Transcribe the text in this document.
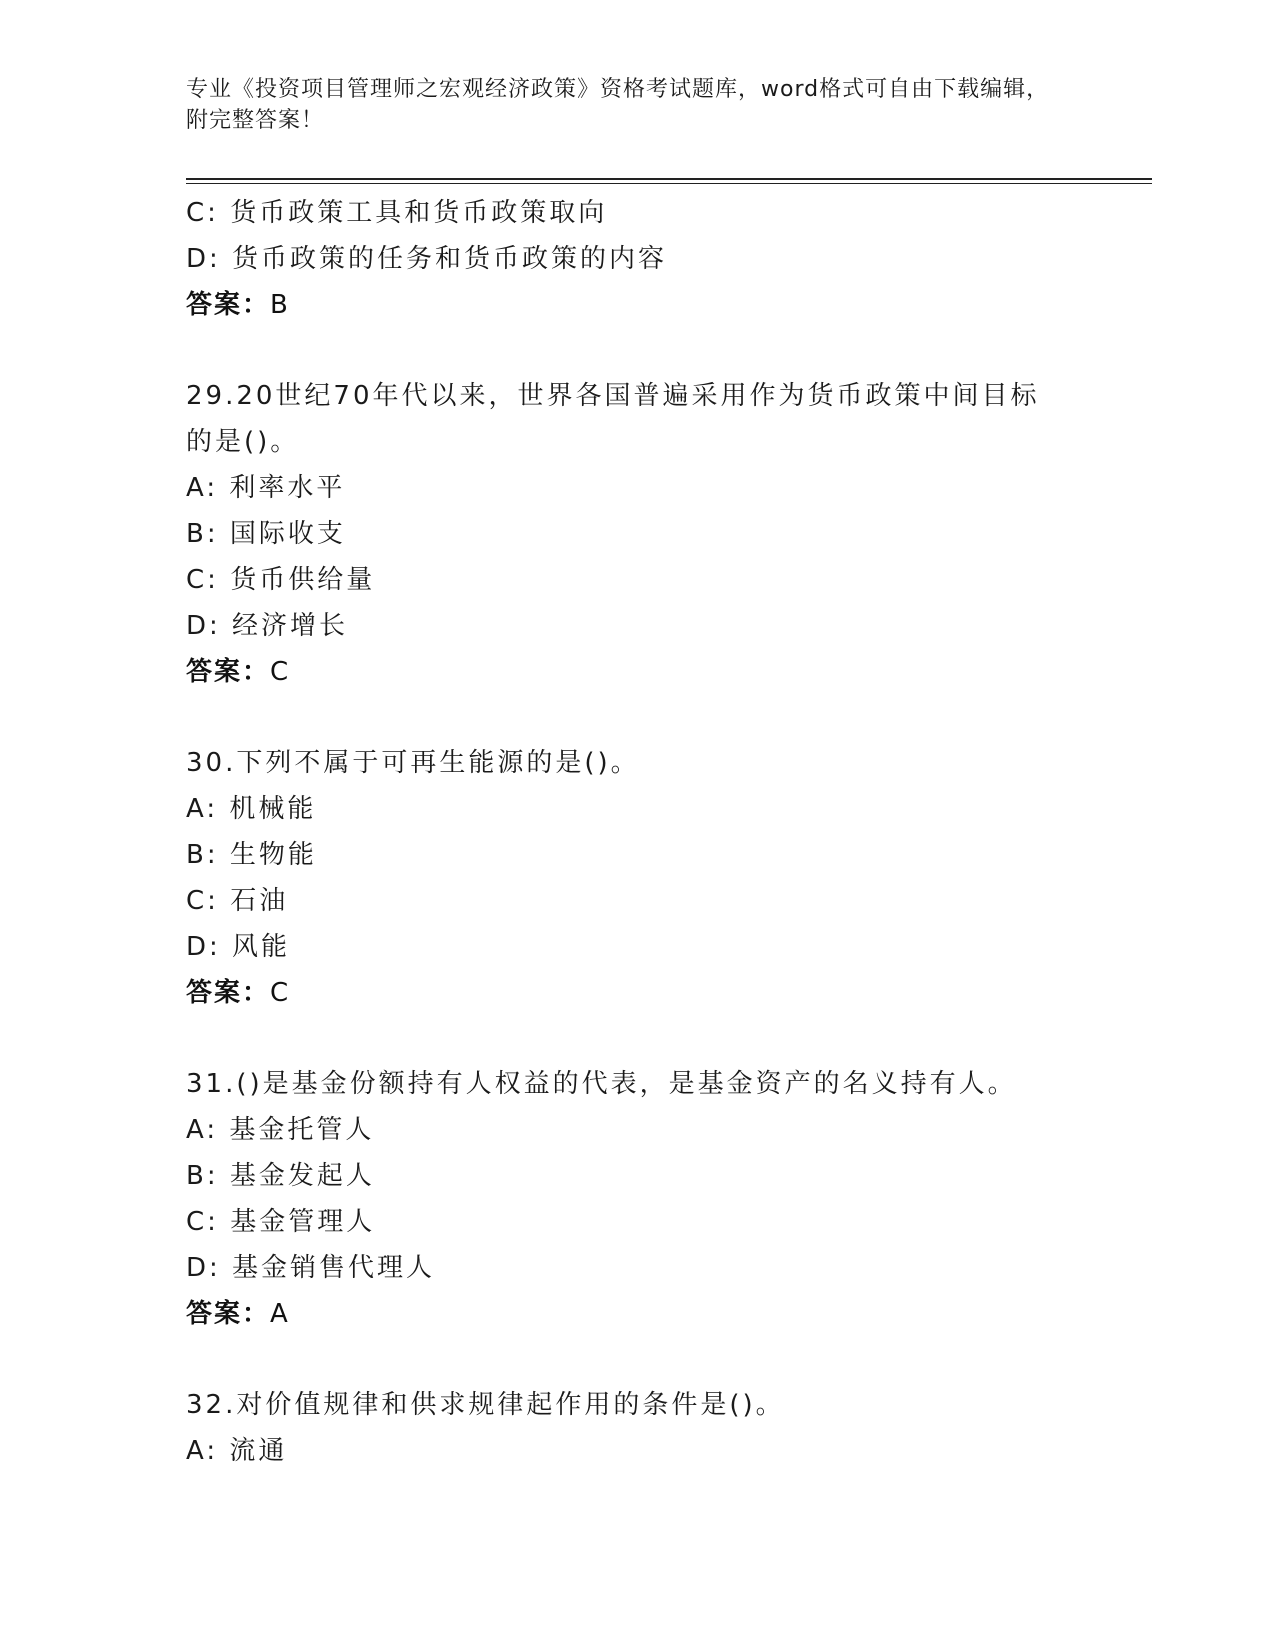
专业《投资项目管理师之宏观经济政策》资格考试题库，word格式可自由下载编辑，附完整答案！
C: 货币政策工具和货币政策取向
D: 货币政策的任务和货币政策的内容
答案：B
29.20世纪70年代以来，世界各国普遍采用作为货币政策中间目标的是()。
A: 利率水平
B: 国际收支
C: 货币供给量
D: 经济增长
答案：C
30.下列不属于可再生能源的是()。
A: 机械能
B: 生物能
C: 石油
D: 风能
答案：C
31.()是基金份额持有人权益的代表，是基金资产的名义持有人。
A: 基金托管人
B: 基金发起人
C: 基金管理人
D: 基金销售代理人
答案：A
32.对价值规律和供求规律起作用的条件是()。
A: 流通
